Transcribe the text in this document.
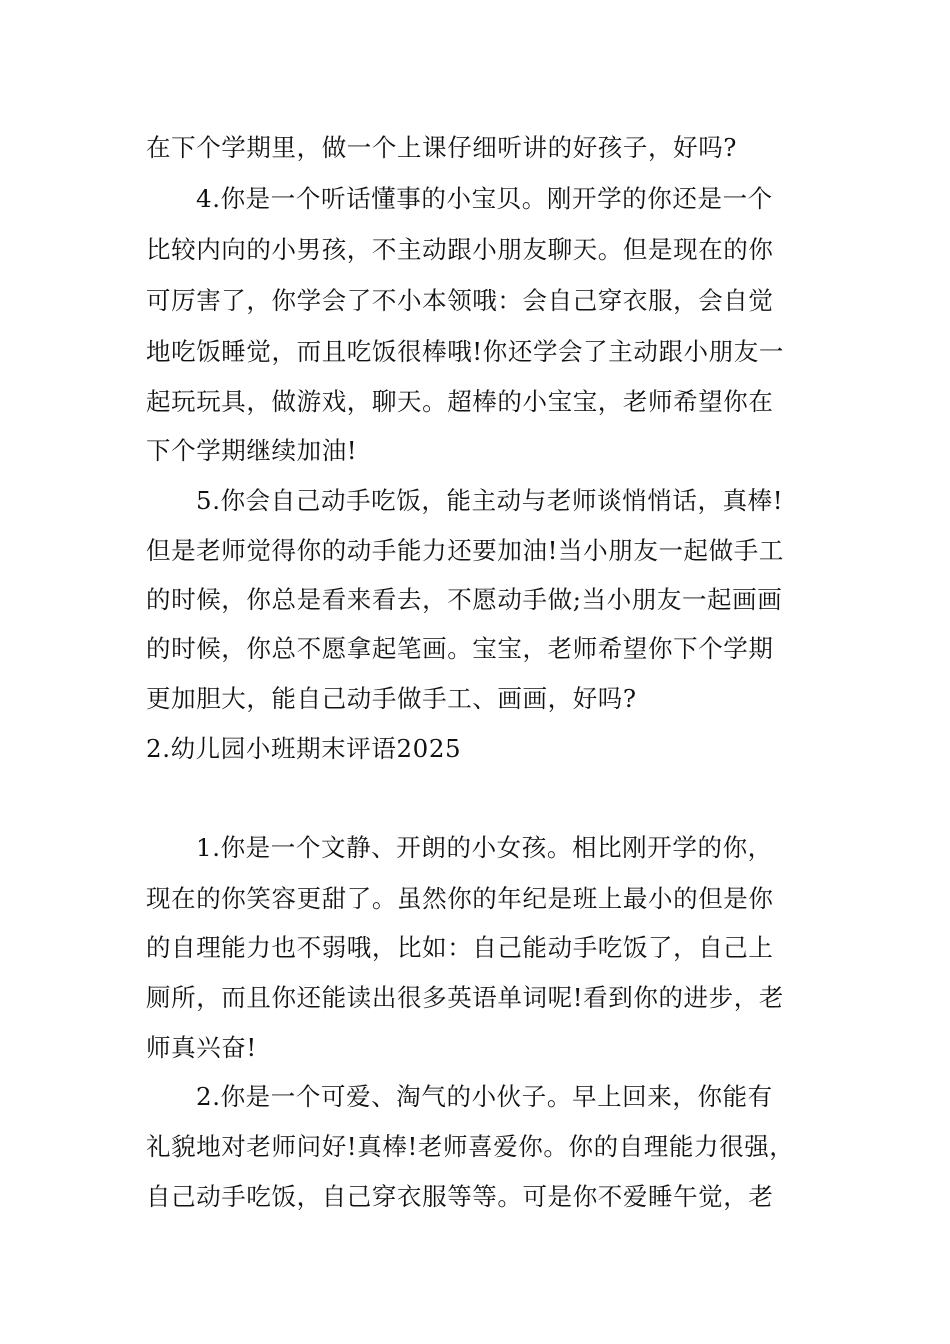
在下个学期里，做一个上课仔细听讲的好孩子，好吗?
4.你是一个听话懂事的小宝贝。刚开学的你还是一个
比较内向的小男孩，不主动跟小朋友聊天。但是现在的你
可厉害了，你学会了不小本领哦：会自己穿衣服，会自觉
地吃饭睡觉，而且吃饭很棒哦!你还学会了主动跟小朋友一
起玩玩具，做游戏，聊天。超棒的小宝宝，老师希望你在
下个学期继续加油!
5.你会自己动手吃饭，能主动与老师谈悄悄话，真棒!
但是老师觉得你的动手能力还要加油!当小朋友一起做手工
的时候，你总是看来看去，不愿动手做;当小朋友一起画画
的时候，你总不愿拿起笔画。宝宝，老师希望你下个学期
更加胆大，能自己动手做手工、画画，好吗?
2.幼儿园小班期末评语2025
1.你是一个文静、开朗的小女孩。相比刚开学的你，
现在的你笑容更甜了。虽然你的年纪是班上最小的但是你
的自理能力也不弱哦，比如：自己能动手吃饭了，自己上
厕所，而且你还能读出很多英语单词呢!看到你的进步，老
师真兴奋!
2.你是一个可爱、淘气的小伙子。早上回来，你能有
礼貌地对老师问好!真棒!老师喜爱你。你的自理能力很强，
自己动手吃饭，自己穿衣服等等。可是你不爱睡午觉，老
